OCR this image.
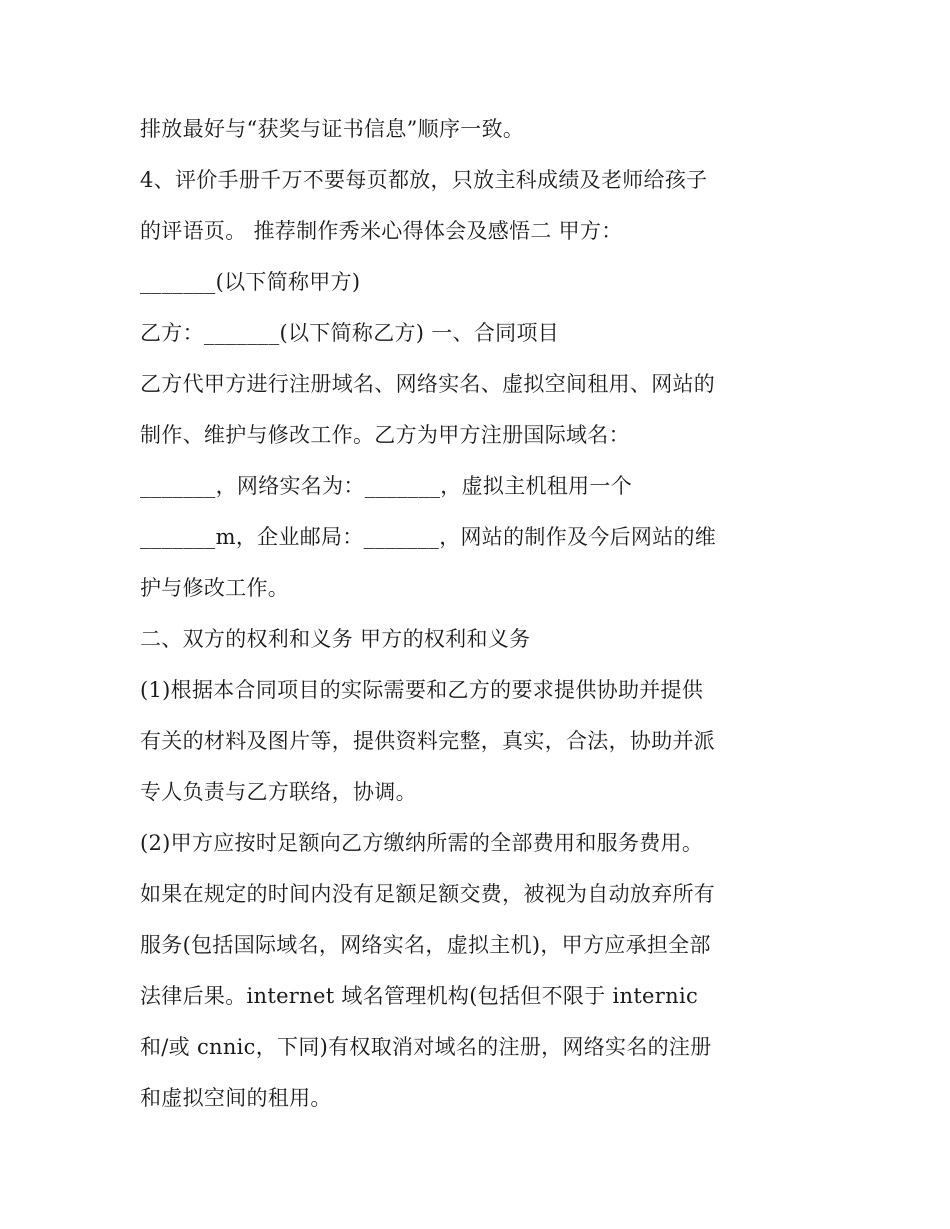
排放最好与“获奖与证书信息”顺序一致。
4、评价手册千万不要每页都放，只放主科成绩及老师给孩子
的评语页。 推荐制作秀米心得体会及感悟二 甲方：
_______(以下简称甲方)
乙方：_______(以下简称乙方) 一、合同项目
乙方代甲方进行注册域名、网络实名、虚拟空间租用、网站的
制作、维护与修改工作。乙方为甲方注册国际域名：
_______，网络实名为：_______，虚拟主机租用一个
_______m，企业邮局：_______，网站的制作及今后网站的维
护与修改工作。
二、双方的权利和义务 甲方的权利和义务
(1)根据本合同项目的实际需要和乙方的要求提供协助并提供
有关的材料及图片等，提供资料完整，真实，合法，协助并派
专人负责与乙方联络，协调。
(2)甲方应按时足额向乙方缴纳所需的全部费用和服务费用。
如果在规定的时间内没有足额足额交费，被视为自动放弃所有
服务(包括国际域名，网络实名，虚拟主机)，甲方应承担全部
法律后果。internet 域名管理机构(包括但不限于 internic
和/或 cnnic，下同)有权取消对域名的注册，网络实名的注册
和虚拟空间的租用。
